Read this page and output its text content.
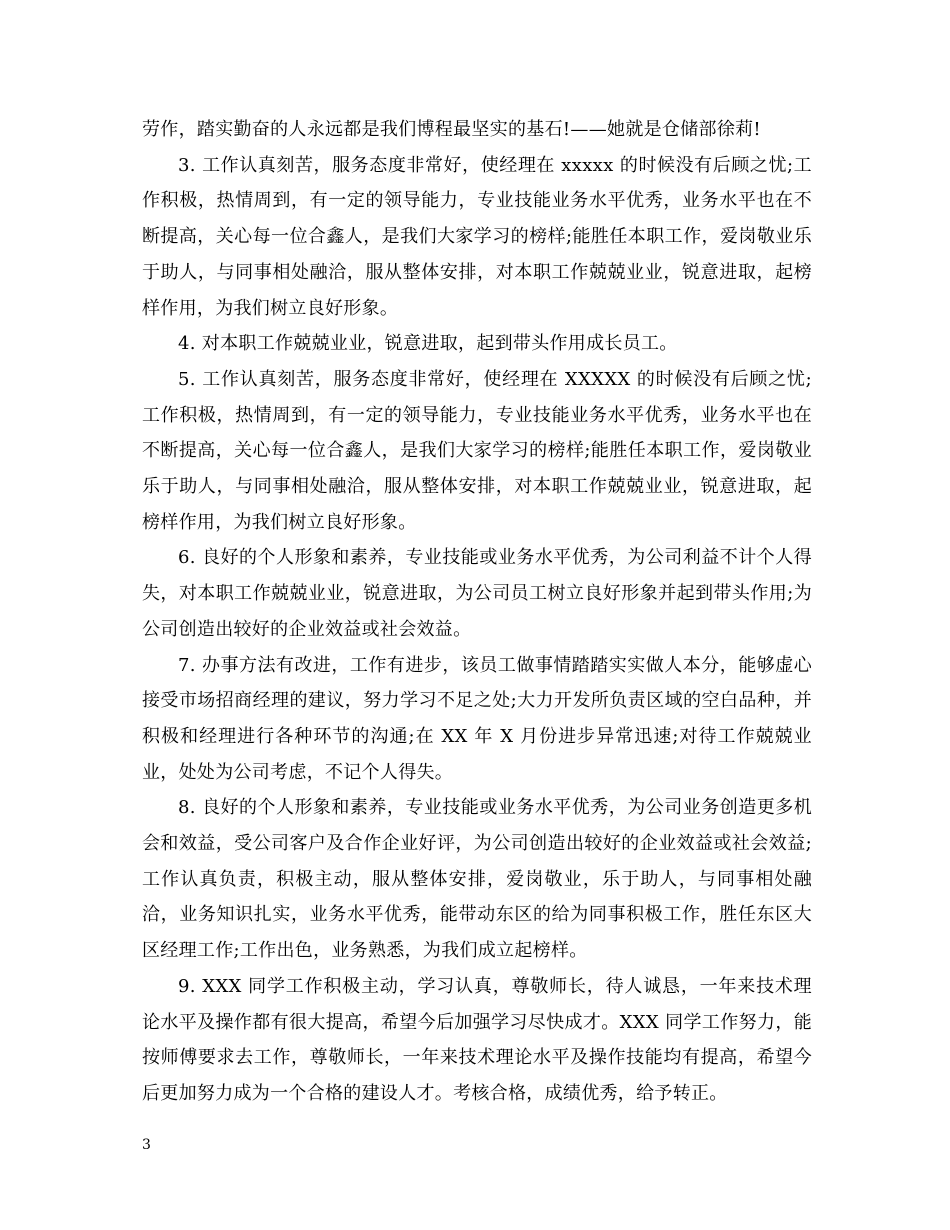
劳作，踏实勤奋的人永远都是我们博程最坚实的基石!——她就是仓储部徐莉!

3. 工作认真刻苦，服务态度非常好，使经理在 xxxxx 的时候没有后顾之忧;工作积极，热情周到，有一定的领导能力，专业技能业务水平优秀，业务水平也在不断提高，关心每一位合鑫人，是我们大家学习的榜样;能胜任本职工作，爱岗敬业乐于助人，与同事相处融洽，服从整体安排，对本职工作兢兢业业，锐意进取，起榜样作用，为我们树立良好形象。

4. 对本职工作兢兢业业，锐意进取，起到带头作用成长员工。

5. 工作认真刻苦，服务态度非常好，使经理在 XXXXX 的时候没有后顾之忧;工作积极，热情周到，有一定的领导能力，专业技能业务水平优秀，业务水平也在不断提高，关心每一位合鑫人，是我们大家学习的榜样;能胜任本职工作，爱岗敬业乐于助人，与同事相处融洽，服从整体安排，对本职工作兢兢业业，锐意进取，起榜样作用，为我们树立良好形象。

6. 良好的个人形象和素养，专业技能或业务水平优秀，为公司利益不计个人得失，对本职工作兢兢业业，锐意进取，为公司员工树立良好形象并起到带头作用;为公司创造出较好的企业效益或社会效益。

7. 办事方法有改进，工作有进步，该员工做事情踏踏实实做人本分，能够虚心接受市场招商经理的建议，努力学习不足之处;大力开发所负责区域的空白品种，并积极和经理进行各种环节的沟通;在 XX 年 X 月份进步异常迅速;对待工作兢兢业业，处处为公司考虑，不记个人得失。

8. 良好的个人形象和素养，专业技能或业务水平优秀，为公司业务创造更多机会和效益，受公司客户及合作企业好评，为公司创造出较好的企业效益或社会效益;工作认真负责，积极主动，服从整体安排，爱岗敬业，乐于助人，与同事相处融洽，业务知识扎实，业务水平优秀，能带动东区的给为同事积极工作，胜任东区大区经理工作;工作出色，业务熟悉，为我们成立起榜样。

9. XXX 同学工作积极主动，学习认真，尊敬师长，待人诚恳，一年来技术理论水平及操作都有很大提高，希望今后加强学习尽快成才。XXX 同学工作努力，能按师傅要求去工作，尊敬师长，一年来技术理论水平及操作技能均有提高，希望今后更加努力成为一个合格的建设人才。考核合格，成绩优秀，给予转正。

3
